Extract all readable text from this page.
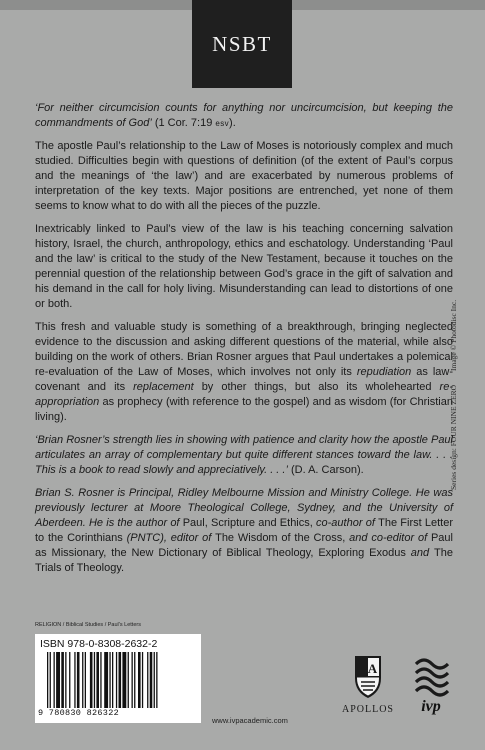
NSBT

‘For neither circumcision counts for anything nor uncircumcision, but keeping the commandments of God’ (1 Cor. 7:19 esv).

The apostle Paul’s relationship to the Law of Moses is notoriously complex and much studied. Difficulties begin with questions of definition (of the extent of Paul’s corpus and the meanings of ‘the law’) and are exacerbated by numerous problems of interpretation of the key texts. Major positions are entrenched, yet none of them seems to know what to do with all the pieces of the puzzle.

Inextricably linked to Paul’s view of the law is his teaching concerning salvation history, Israel, the church, anthropology, ethics and eschatology. Understanding ‘Paul and the law’ is critical to the study of the New Testament, because it touches on the perennial question of the relationship between God’s grace in the gift of salvation and his demand in the call for holy living. Misunderstanding can lead to distortions of one or both.

This fresh and valuable study is something of a breakthrough, bringing neglected evidence to the discussion and asking different questions of the material, while also building on the work of others. Brian Rosner argues that Paul undertakes a polemical re-evaluation of the Law of Moses, which involves not only its repudiation as law-covenant and its replacement by other things, but also its wholehearted re-appropriation as prophecy (with reference to the gospel) and as wisdom (for Christian living).

‘Brian Rosner’s strength lies in showing with patience and clarity how the apostle Paul articulates an array of complementary but quite different stances toward the law. . . . This is a book to read slowly and appreciatively. . . .’ (D. A. Carson).

Brian S. Rosner is Principal, Ridley Melbourne Mission and Ministry College. He was previously lecturer at Moore Theological College, Sydney, and the University of Aberdeen. He is the author of Paul, Scripture and Ethics, co-author of The First Letter to the Corinthians (PNTC), editor of The Wisdom of the Cross, and co-editor of Paul as Missionary, the New Dictionary of Biblical Theology, Exploring Exodus and The Trials of Theology.

Series design: FOUR NINE ZEROImage © Photodisc Inc.
RELIGION / Biblical Studies / Paul’s Letters
ISBN 978-0-8308-2632-2
9 780830 826322
www.ivpacademic.com
A
APOLLOS	ivp
